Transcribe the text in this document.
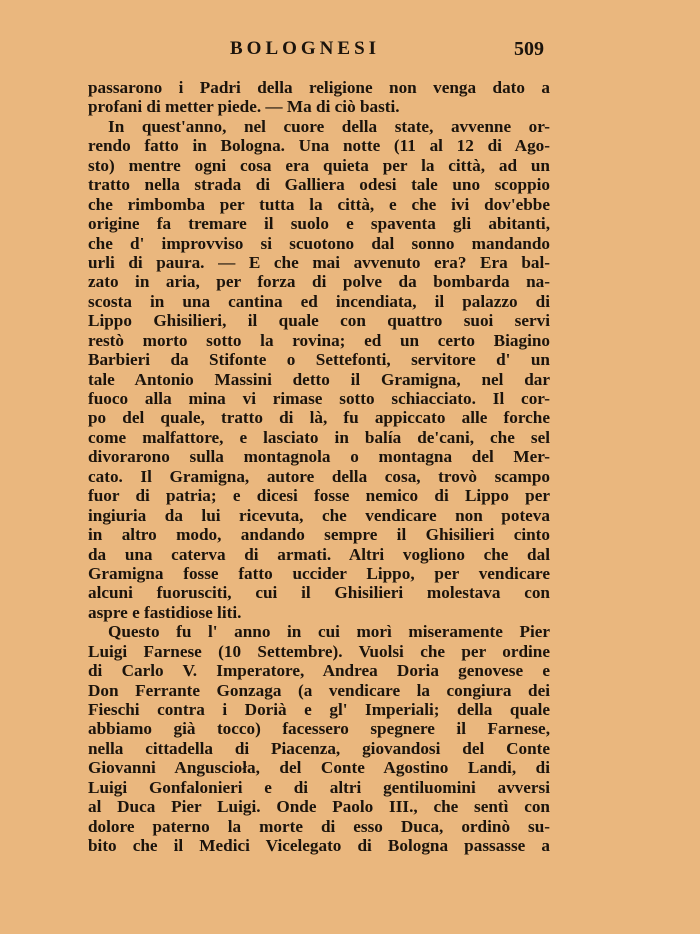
BOLOGNESI	509
passarono i Padri della religione non venga dato a
profani di metter piede. — Ma di ciò basti.
In quest'anno, nel cuore della state, avvenne or-
rendo fatto in Bologna. Una notte (11 al 12 di Ago-
sto) mentre ogni cosa era quieta per la città, ad un
tratto nella strada di Galliera odesi tale uno scoppio
che rimbomba per tutta la città, e che ivi dov'ebbe
origine fa tremare il suolo e spaventa gli abitanti,
che d' improvviso si scuotono dal sonno mandando
urli di paura. — E che mai avvenuto era? Era bal-
zato in aria, per forza di polve da bombarda na-
scosta in una cantina ed incendiata, il palazzo di
Lippo Ghisilieri, il quale con quattro suoi servi
restò morto sotto la rovina; ed un certo Biagino
Barbieri da Stifonte o Settefonti, servitore d' un
tale Antonio Massini detto il Gramigna, nel dar
fuoco alla mina vi rimase sotto schiacciato. Il cor-
po del quale, tratto di là, fu appiccato alle forche
come malfattore, e lasciato in balía de'cani, che sel
divorarono sulla montagnola o montagna del Mer-
cato. Il Gramigna, autore della cosa, trovò scampo
fuor di patria; e dicesi fosse nemico di Lippo per
ingiuria da lui ricevuta, che vendicare non poteva
in altro modo, andando sempre il Ghisilieri cinto
da una caterva di armati. Altri vogliono che dal
Gramigna fosse fatto uccider Lippo, per vendicare
alcuni fuorusciti, cui il Ghisilieri molestava con
aspre e fastidiose liti.
Questo fu l' anno in cui morì miseramente Pier
Luigi Farnese (10 Settembre). Vuolsi che per ordine
di Carlo V. Imperatore, Andrea Doria genovese e
Don Ferrante Gonzaga (a vendicare la congiura dei
Fieschi contra i Dorià e gl' Imperiali; della quale
abbiamo già tocco) facessero spegnere il Farnese,
nella cittadella di Piacenza, giovandosi del Conte
Giovanni Anguscioła, del Conte Agostino Landi, di
Luigi Gonfalonieri e di altri gentiluomini avversi
al Duca Pier Luigi. Onde Paolo III., che sentì con
dolore paterno la morte di esso Duca, ordinò su-
bito che il Medici Vicelegato di Bologna passasse a
